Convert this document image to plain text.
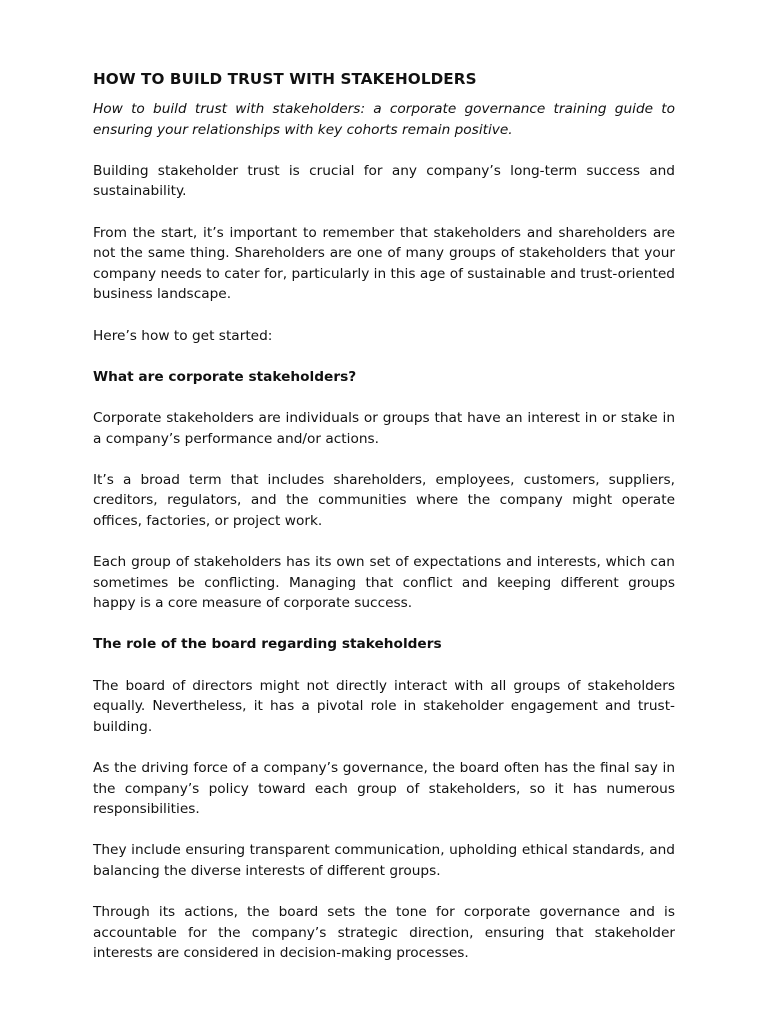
HOW TO BUILD TRUST WITH STAKEHOLDERS

How to build trust with stakeholders: a corporate governance training guide to ensuring your relationships with key cohorts remain positive.

Building stakeholder trust is crucial for any company’s long-term success and sustainability.

From the start, it’s important to remember that stakeholders and shareholders are not the same thing. Shareholders are one of many groups of stakeholders that your company needs to cater for, particularly in this age of sustainable and trust-oriented business landscape.

Here’s how to get started:

What are corporate stakeholders?

Corporate stakeholders are individuals or groups that have an interest in or stake in a company’s performance and/or actions.

It’s a broad term that includes shareholders, employees, customers, suppliers, creditors, regulators, and the communities where the company might operate offices, factories, or project work.

Each group of stakeholders has its own set of expectations and interests, which can sometimes be conflicting. Managing that conflict and keeping different groups happy is a core measure of corporate success.

The role of the board regarding stakeholders

The board of directors might not directly interact with all groups of stakeholders equally. Nevertheless, it has a pivotal role in stakeholder engagement and trust-building.

As the driving force of a company’s governance, the board often has the final say in the company’s policy toward each group of stakeholders, so it has numerous responsibilities.

They include ensuring transparent communication, upholding ethical standards, and balancing the diverse interests of different groups.

Through its actions, the board sets the tone for corporate governance and is accountable for the company’s strategic direction, ensuring that stakeholder interests are considered in decision-making processes.
